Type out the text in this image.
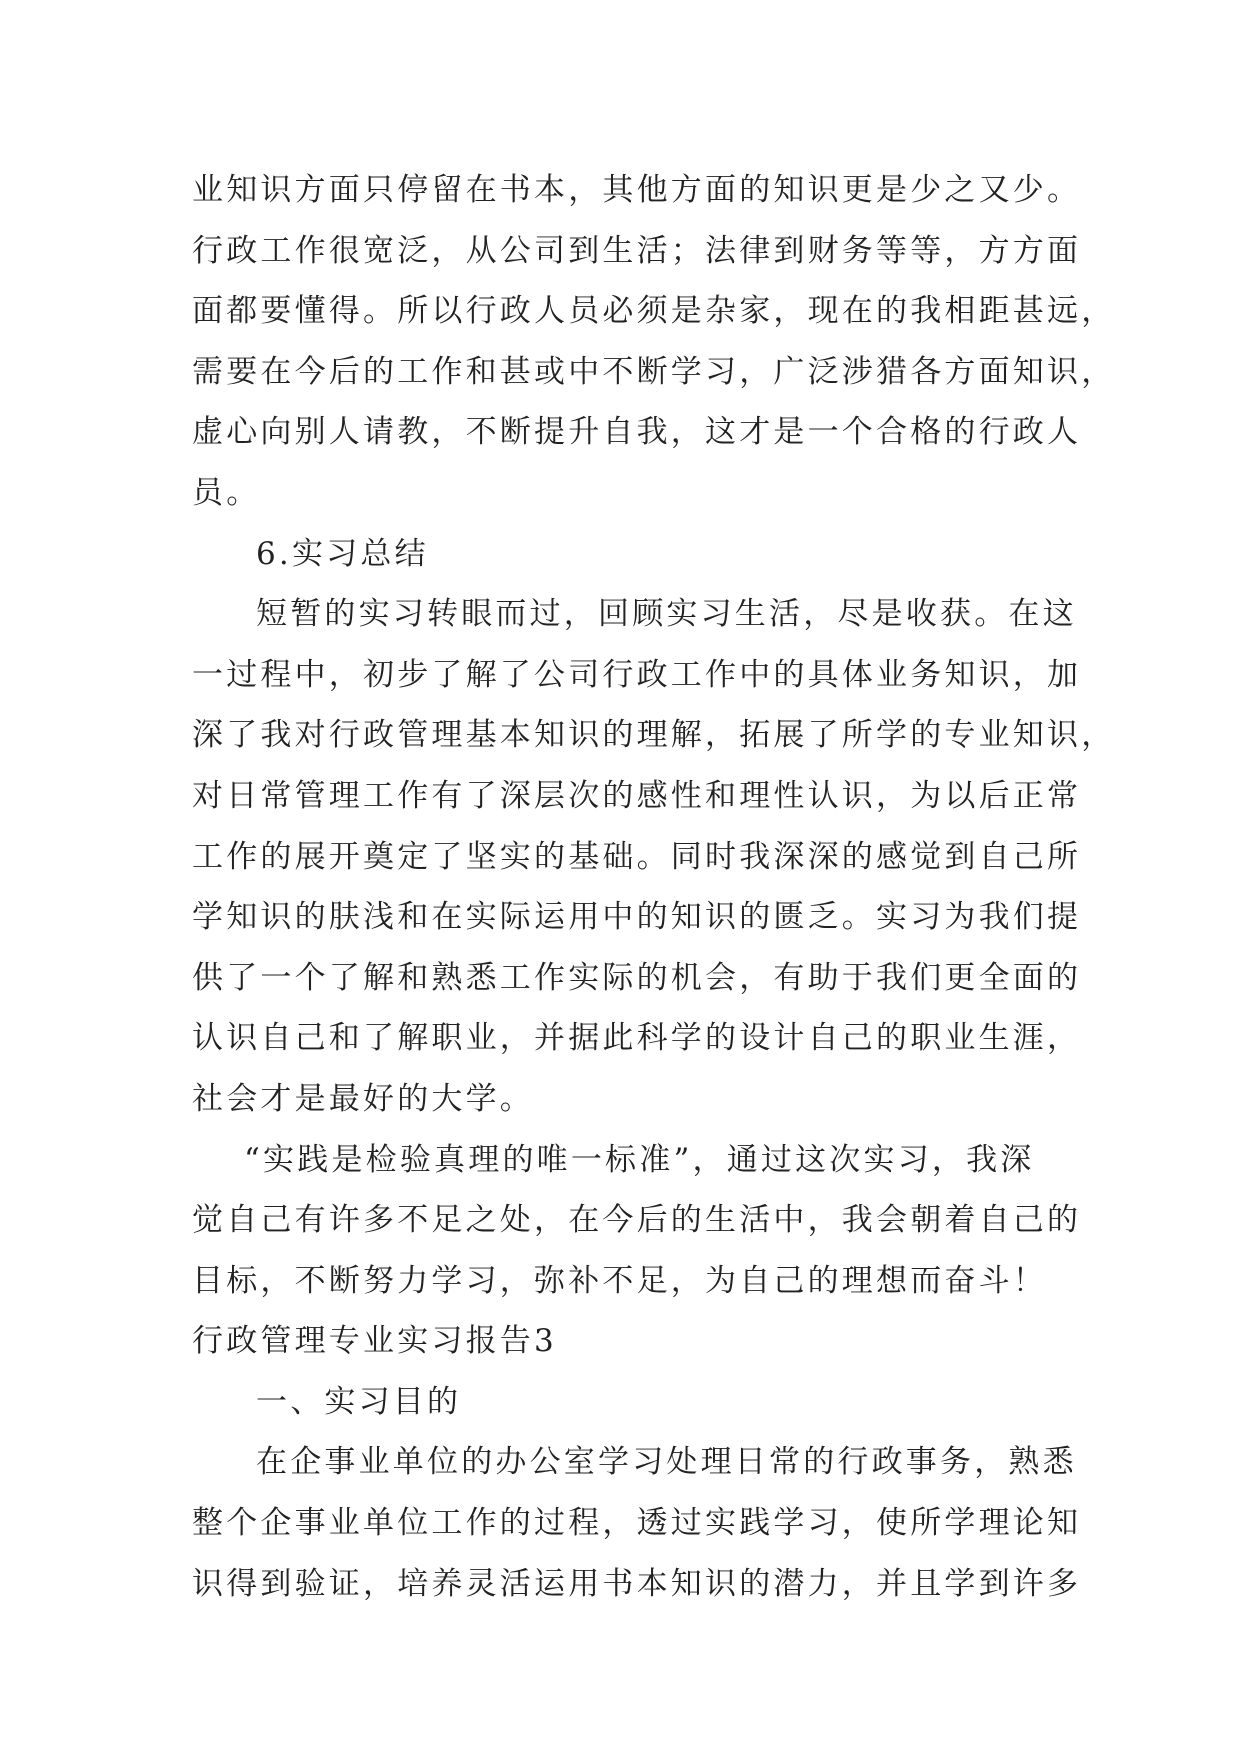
业知识方面只停留在书本，其他方面的知识更是少之又少。
行政工作很宽泛，从公司到生活；法律到财务等等，方方面
面都要懂得。所以行政人员必须是杂家，现在的我相距甚远，
需要在今后的工作和甚或中不断学习，广泛涉猎各方面知识，
虚心向别人请教，不断提升自我，这才是一个合格的行政人
员。
6.实习总结
短暂的实习转眼而过，回顾实习生活，尽是收获。在这
一过程中，初步了解了公司行政工作中的具体业务知识，加
深了我对行政管理基本知识的理解，拓展了所学的专业知识，
对日常管理工作有了深层次的感性和理性认识，为以后正常
工作的展开奠定了坚实的基础。同时我深深的感觉到自己所
学知识的肤浅和在实际运用中的知识的匮乏。实习为我们提
供了一个了解和熟悉工作实际的机会，有助于我们更全面的
认识自己和了解职业，并据此科学的设计自己的职业生涯，
社会才是最好的大学。
“实践是检验真理的唯一标准”，通过这次实习，我深
觉自己有许多不足之处，在今后的生活中，我会朝着自己的
目标，不断努力学习，弥补不足，为自己的理想而奋斗！
行政管理专业实习报告3
一、实习目的
在企事业单位的办公室学习处理日常的行政事务，熟悉
整个企事业单位工作的过程，透过实践学习，使所学理论知
识得到验证，培养灵活运用书本知识的潜力，并且学到许多
